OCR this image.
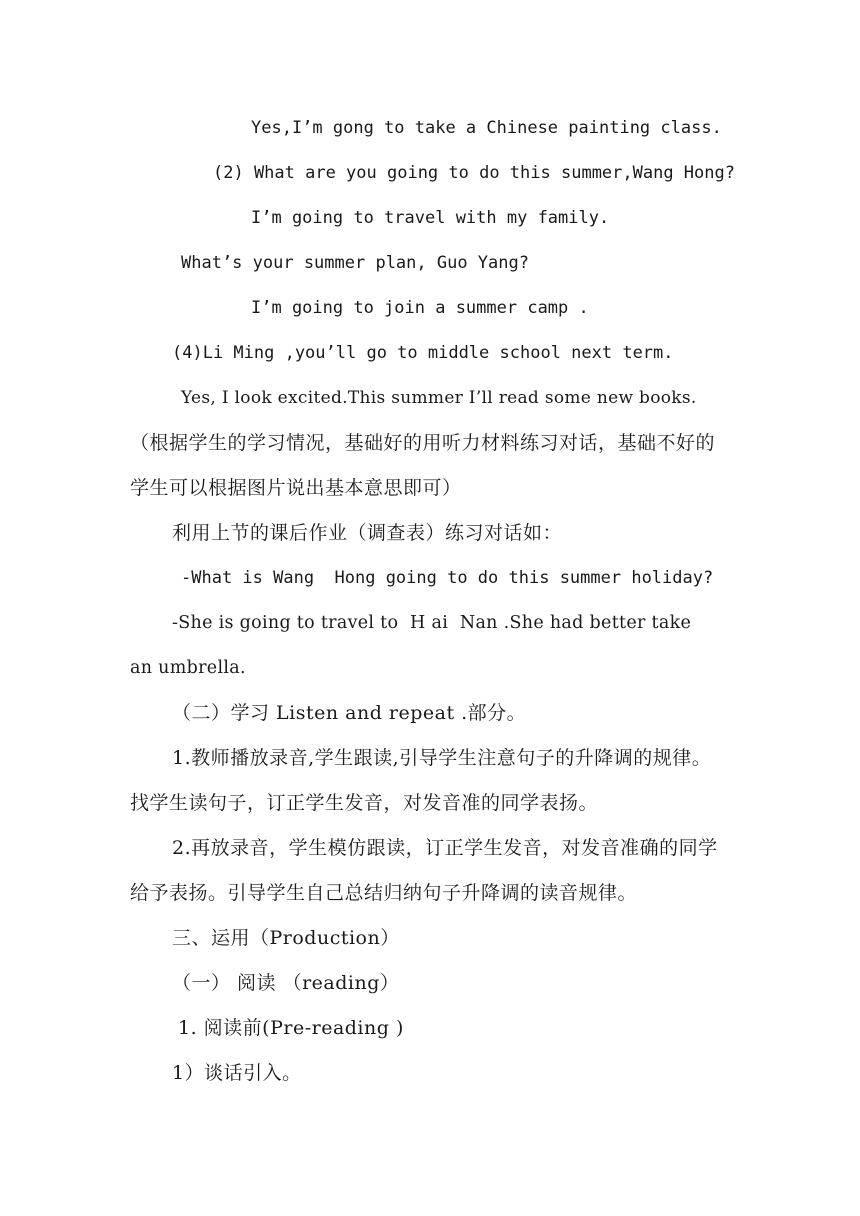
Yes,I’m gong to take a Chinese painting class.
(2) What are you going to do this summer,Wang Hong?
I’m going to travel with my family.
What’s your summer plan, Guo Yang?
I’m going to join a summer camp .
(4)Li Ming ,you’ll go to middle school next term.
Yes, I look excited.This summer I’ll read some new books.
（根据学生的学习情况，基础好的用听力材料练习对话，基础不好的
学生可以根据图片说出基本意思即可）
利用上节的课后作业（调查表）练习对话如：
-What is Wang  Hong going to do this summer holiday?
-She is going to travel to  H ai  Nan .She had better take
an umbrella.
（二）学习 Listen and repeat .部分。
1.教师播放录音,学生跟读,引导学生注意句子的升降调的规律。
找学生读句子，订正学生发音，对发音准的同学表扬。
2.再放录音，学生模仿跟读，订正学生发音，对发音准确的同学
给予表扬。引导学生自己总结归纳句子升降调的读音规律。
三、运用（Production）
（一） 阅读 （reading）
1. 阅读前(Pre-reading )
1）谈话引入。
